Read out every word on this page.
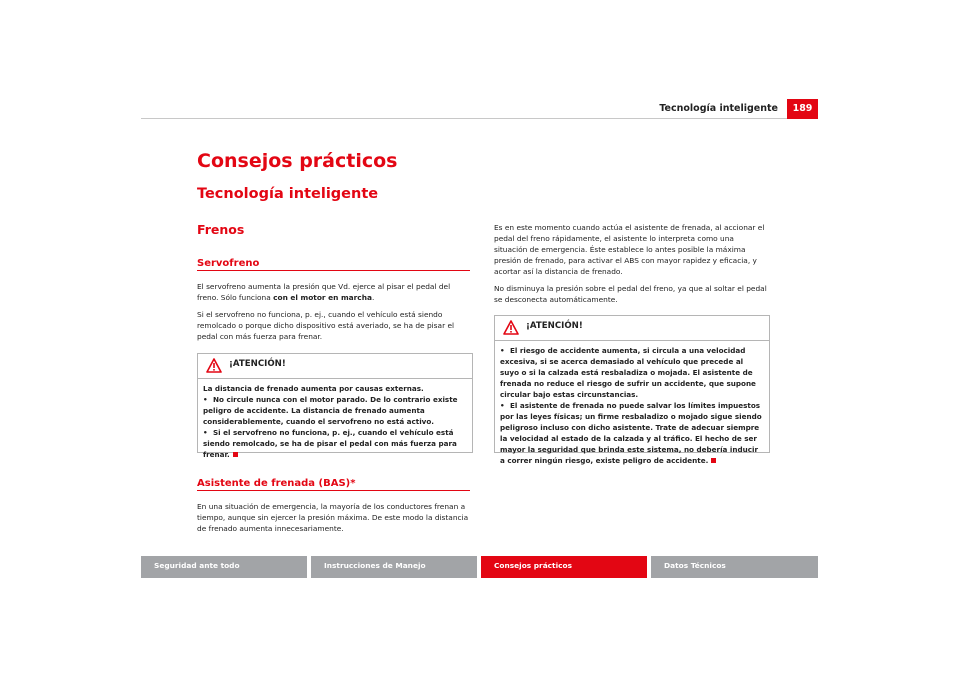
Tecnología inteligente	189
Consejos prácticos
Tecnología inteligente
Frenos
Servofreno

El servofreno aumenta la presión que Vd. ejerce al pisar el pedal del freno. Sólo funciona con el motor en marcha.

Si el servofreno no funciona, p. ej., cuando el vehículo está siendo remolcado o porque dicho dispositivo está averiado, se ha de pisar el pedal con más fuerza para frenar.

¡ATENCIÓN!

La distancia de frenado aumenta por causas externas.

• No circule nunca con el motor parado. De lo contrario existe peligro de accidente. La distancia de frenado aumenta considerablemente, cuando el servofreno no está activo.

• Si el servofreno no funciona, p. ej., cuando el vehículo está siendo remolcado, se ha de pisar el pedal con más fuerza para frenar.

Asistente de frenada (BAS)*

En una situación de emergencia, la mayoría de los conductores frenan a tiempo, aunque sin ejercer la presión máxima. De este modo la distancia de frenado aumenta innecesariamente.

Es en este momento cuando actúa el asistente de frenada, al accionar el pedal del freno rápidamente, el asistente lo interpreta como una situación de emergencia. Éste establece lo antes posible la máxima presión de frenado, para activar el ABS con mayor rapidez y eficacia, y acortar así la distancia de frenado.

No disminuya la presión sobre el pedal del freno, ya que al soltar el pedal se desconecta automáticamente.

¡ATENCIÓN!

• El riesgo de accidente aumenta, si circula a una velocidad excesiva, si se acerca demasiado al vehículo que precede al suyo o si la calzada está resbaladiza o mojada. El asistente de frenada no reduce el riesgo de sufrir un accidente, que supone circular bajo estas circunstancias.

• El asistente de frenada no puede salvar los límites impuestos por las leyes físicas; un firme resbaladizo o mojado sigue siendo peligroso incluso con dicho asistente. Trate de adecuar siempre la velocidad al estado de la calzada y al tráfico. El hecho de ser mayor la seguridad que brinda este sistema, no debería inducir a correr ningún riesgo, existe peligro de accidente.

Seguridad ante todo	Instrucciones de Manejo	Consejos prácticos	Datos Técnicos
